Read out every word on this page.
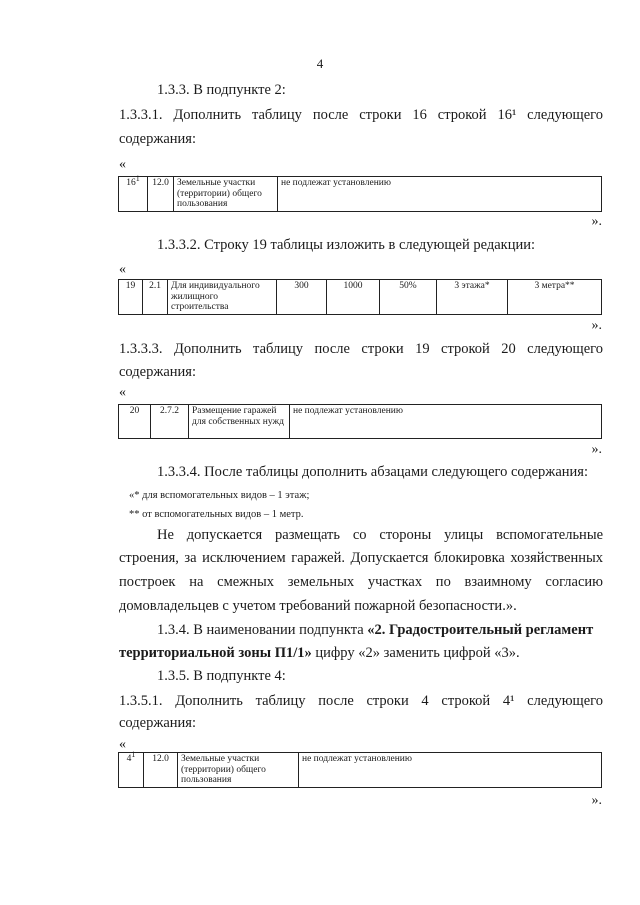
4
1.3.3. В подпункте 2:
1.3.3.1. Дополнить таблицу после строки 16 строкой 16¹ следующего
содержания:
«
$16^1$	12.0	Земельные участки (территории) общего пользования	не подлежат установлению
».
1.3.3.2. Строку 19 таблицы изложить в следующей редакции:
«
19	2.1	Для индивидуального жилищного строительства	300	1000	50%	3 этажа*	3 метра**
».
1.3.3.3. Дополнить таблицу после строки 19 строкой 20 следующего
содержания:
«
20	2.7.2	Размещение гаражей для собственных нужд	не подлежат установлению
».
1.3.3.4. После таблицы дополнить абзацами следующего содержания:
«* для вспомогательных видов – 1 этаж;
** от вспомогательных видов – 1 метр.
Не допускается размещать со стороны улицы вспомогательные
строения, за исключением гаражей. Допускается блокировка хозяйственных
построек на смежных земельных участках по взаимному согласию
домовладельцев с учетом требований пожарной безопасности.».
1.3.4. В наименовании подпункта «2. Градостроительный регламент
территориальной зоны П1/1» цифру «2» заменить цифрой «3».
1.3.5. В подпункте 4:
1.3.5.1. Дополнить таблицу после строки 4 строкой 4¹ следующего
содержания:
«
$4^1$	12.0	Земельные участки (территории) общего пользования	не подлежат установлению
».
